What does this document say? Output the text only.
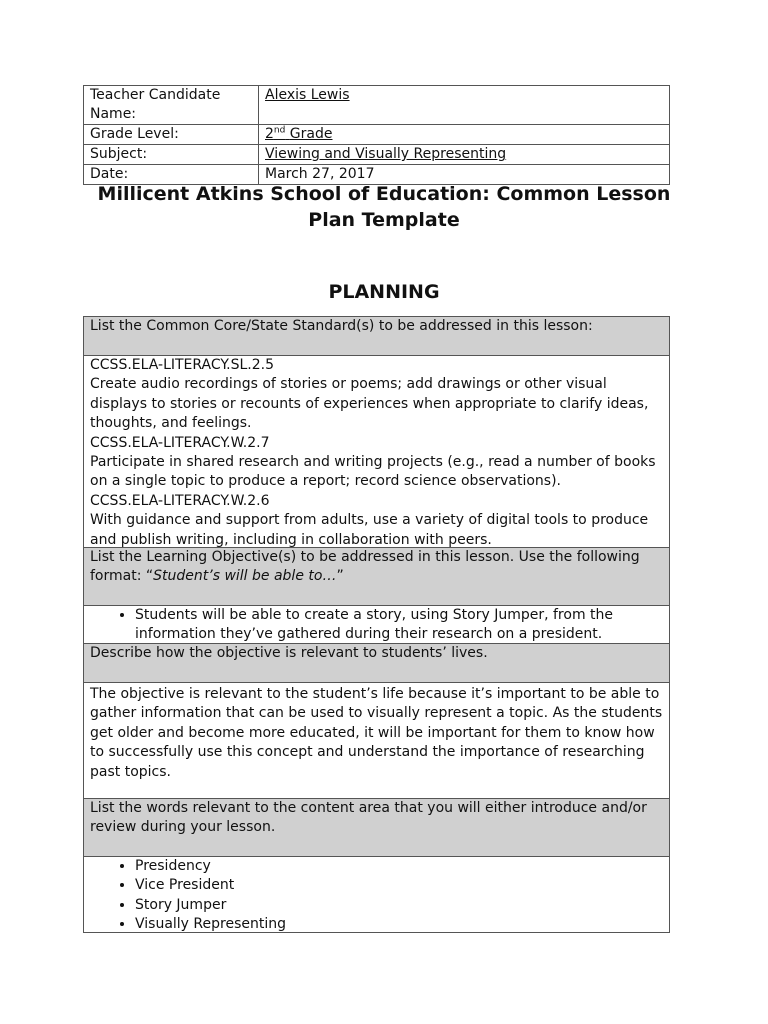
Teacher Candidate Name:	Alexis Lewis
Grade Level:	2nd Grade
Subject:	Viewing and Visually Representing
Date:	March 27, 2017
Millicent Atkins School of Education: Common Lesson Plan Template
PLANNING
List the Common Core/State Standard(s) to be addressed in this lesson:
CCSS.ELA-LITERACY.SL.2.5
Create audio recordings of stories or poems; add drawings or other visual displays to stories or recounts of experiences when appropriate to clarify ideas, thoughts, and feelings.
CCSS.ELA-LITERACY.W.2.7
Participate in shared research and writing projects (e.g., read a number of books on a single topic to produce a report; record science observations).
CCSS.ELA-LITERACY.W.2.6
With guidance and support from adults, use a variety of digital tools to produce and publish writing, including in collaboration with peers.
List the Learning Objective(s) to be addressed in this lesson. Use the following format: “Student’s will be able to…”
• Students will be able to create a story, using Story Jumper, from the information they’ve gathered during their research on a president.
Describe how the objective is relevant to students’ lives.
The objective is relevant to the student’s life because it’s important to be able to gather information that can be used to visually represent a topic. As the students get older and become more educated, it will be important for them to know how to successfully use this concept and understand the importance of researching past topics.
List the words relevant to the content area that you will either introduce and/or review during your lesson.
• Presidency
• Vice President
• Story Jumper
• Visually Representing
